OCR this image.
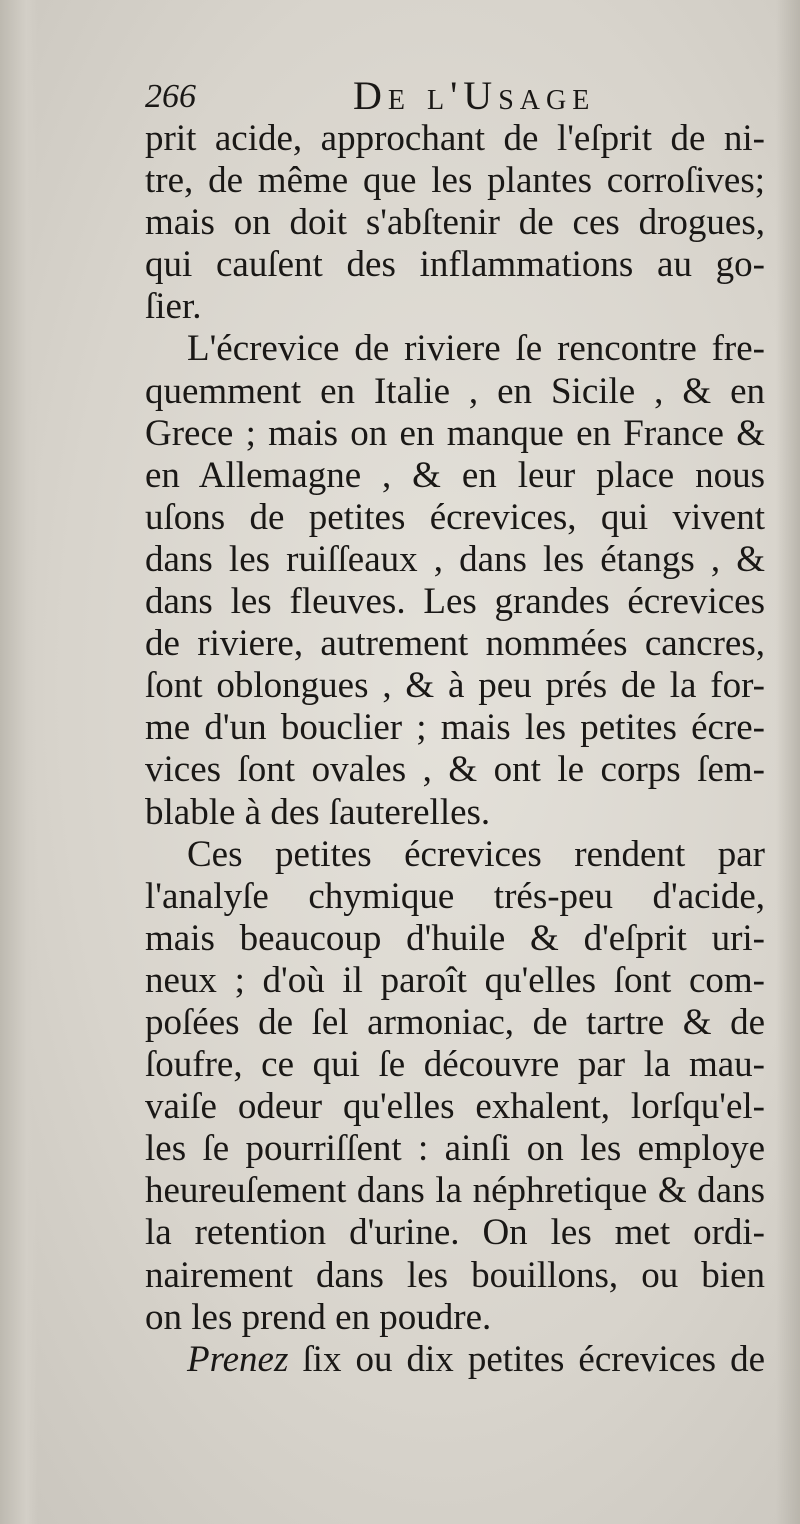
266	De l'Usage
prit acide, approchant de l'eſprit de ni-
tre, de même que les plantes corroſives;
mais on doit s'abſtenir de ces drogues,
qui cauſent des inflammations au go-
ſier.
L'écrevice de riviere ſe rencontre fre-
quemment en Italie , en Sicile , & en
Grece ; mais on en manque en France &
en Allemagne , & en leur place nous
uſons de petites écrevices, qui vivent
dans les ruiſſeaux , dans les étangs , &
dans les fleuves. Les grandes écrevices
de riviere, autrement nommées cancres,
ſont oblongues , & à peu prés de la for-
me d'un bouclier ; mais les petites écre-
vices ſont ovales , & ont le corps ſem-
blable à des ſauterelles.
Ces petites écrevices rendent par
l'analyſe chymique trés-peu d'acide,
mais beaucoup d'huile & d'eſprit uri-
neux ; d'où il paroît qu'elles ſont com-
poſées de ſel armoniac, de tartre & de
ſoufre, ce qui ſe découvre par la mau-
vaiſe odeur qu'elles exhalent, lorſqu'el-
les ſe pourriſſent : ainſi on les employe
heureuſement dans la néphretique & dans
la retention d'urine. On les met ordi-
nairement dans les bouillons, ou bien
on les prend en poudre.
Prenez ſix ou dix petites écrevices de
